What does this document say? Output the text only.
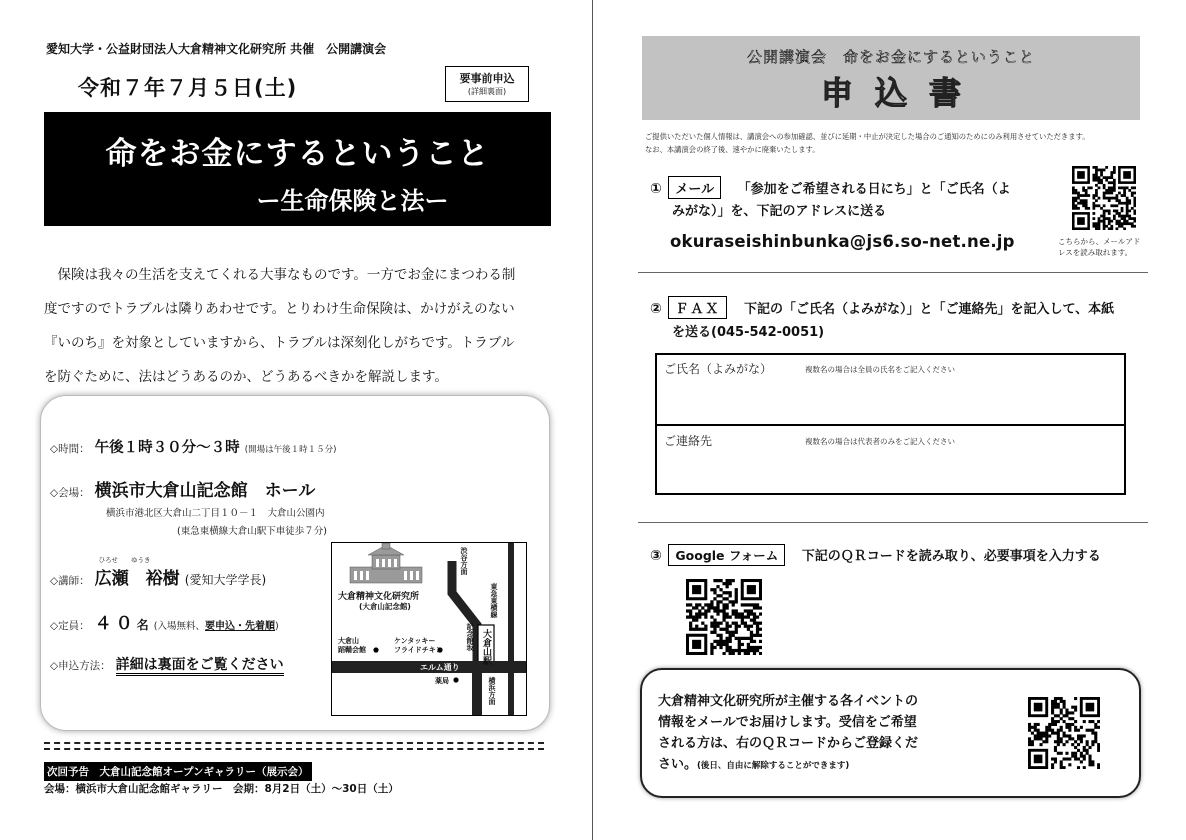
愛知大学・公益財団法人大倉精神文化研究所 共催　公開講演会
令和７年７月５日(土)	要事前申込
(詳細裏面)
命をお金にするということ
ー生命保険と法ー
　保険は我々の生活を支えてくれる大事なものです。一方でお金にまつわる制
度ですのでトラブルは隣りあわせです。とりわけ生命保険は、かけがえのない
『いのち』を対象としていますから、トラブルは深刻化しがちです。トラブル
を防ぐために、法はどうあるのか、どうあるべきかを解説します。
◇時間： 午後１時３０分～３時 (開場は午後１時１５分)
◇会場： 横浜市大倉山記念館　ホール
横浜市港北区大倉山二丁目１０－１　大倉山公園内
(東急東横線大倉山駅下車徒歩７分)
◇講師：
ひろせ　　ゆうき
広瀬　裕樹 (愛知大学学長)
◇定員： ４０名 (入場無料、要申込・先着順)
◇申込方法： 詳細は裏面をご覧ください
大倉精神文化研究所
(大倉山記念館)
渋谷方面
東急東横線
記念館坂 大倉山駅
大倉山
蹈鞴会館
ケンタッキー
フライドチキン
エルム通り
薬局	横浜方面
次回予告　大倉山記念館オープンギャラリー（展示会）
会場：横浜市大倉山記念館ギャラリー　会期：8月2日（土）～30日（土）
公開講演会　命をお金にするということ
申込書
ご提供いただいた個人情報は、講演会への参加確認、並びに延期・中止が決定した場合のご通知のためにのみ利用させていただきます。
なお、本講演会の終了後、速やかに廃棄いたします。
① メール 「参加をご希望される日にち」と「ご氏名（よ
みがな）」を、下記のアドレスに送る
okuraseishinbunka@js6.so-net.ne.jp	こちらから、メールアド
レスを読み取れます。
② ＦＡＸ 下記の「ご氏名（よみがな）」と「ご連絡先」を記入して、本紙
を送る(045-542-0051)
ご氏名（よみがな）	複数名の場合は全員の氏名をご記入ください
ご連絡先	複数名の場合は代表者のみをご記入ください
③ Google フォーム 下記のＱＲコードを読み取り、必要事項を入力する
大倉精神文化研究所が主催する各イベントの
情報をメールでお届けします。受信をご希望
される方は、右のＱＲコードからご登録くだ
さい。(後日、自由に解除することができます)
